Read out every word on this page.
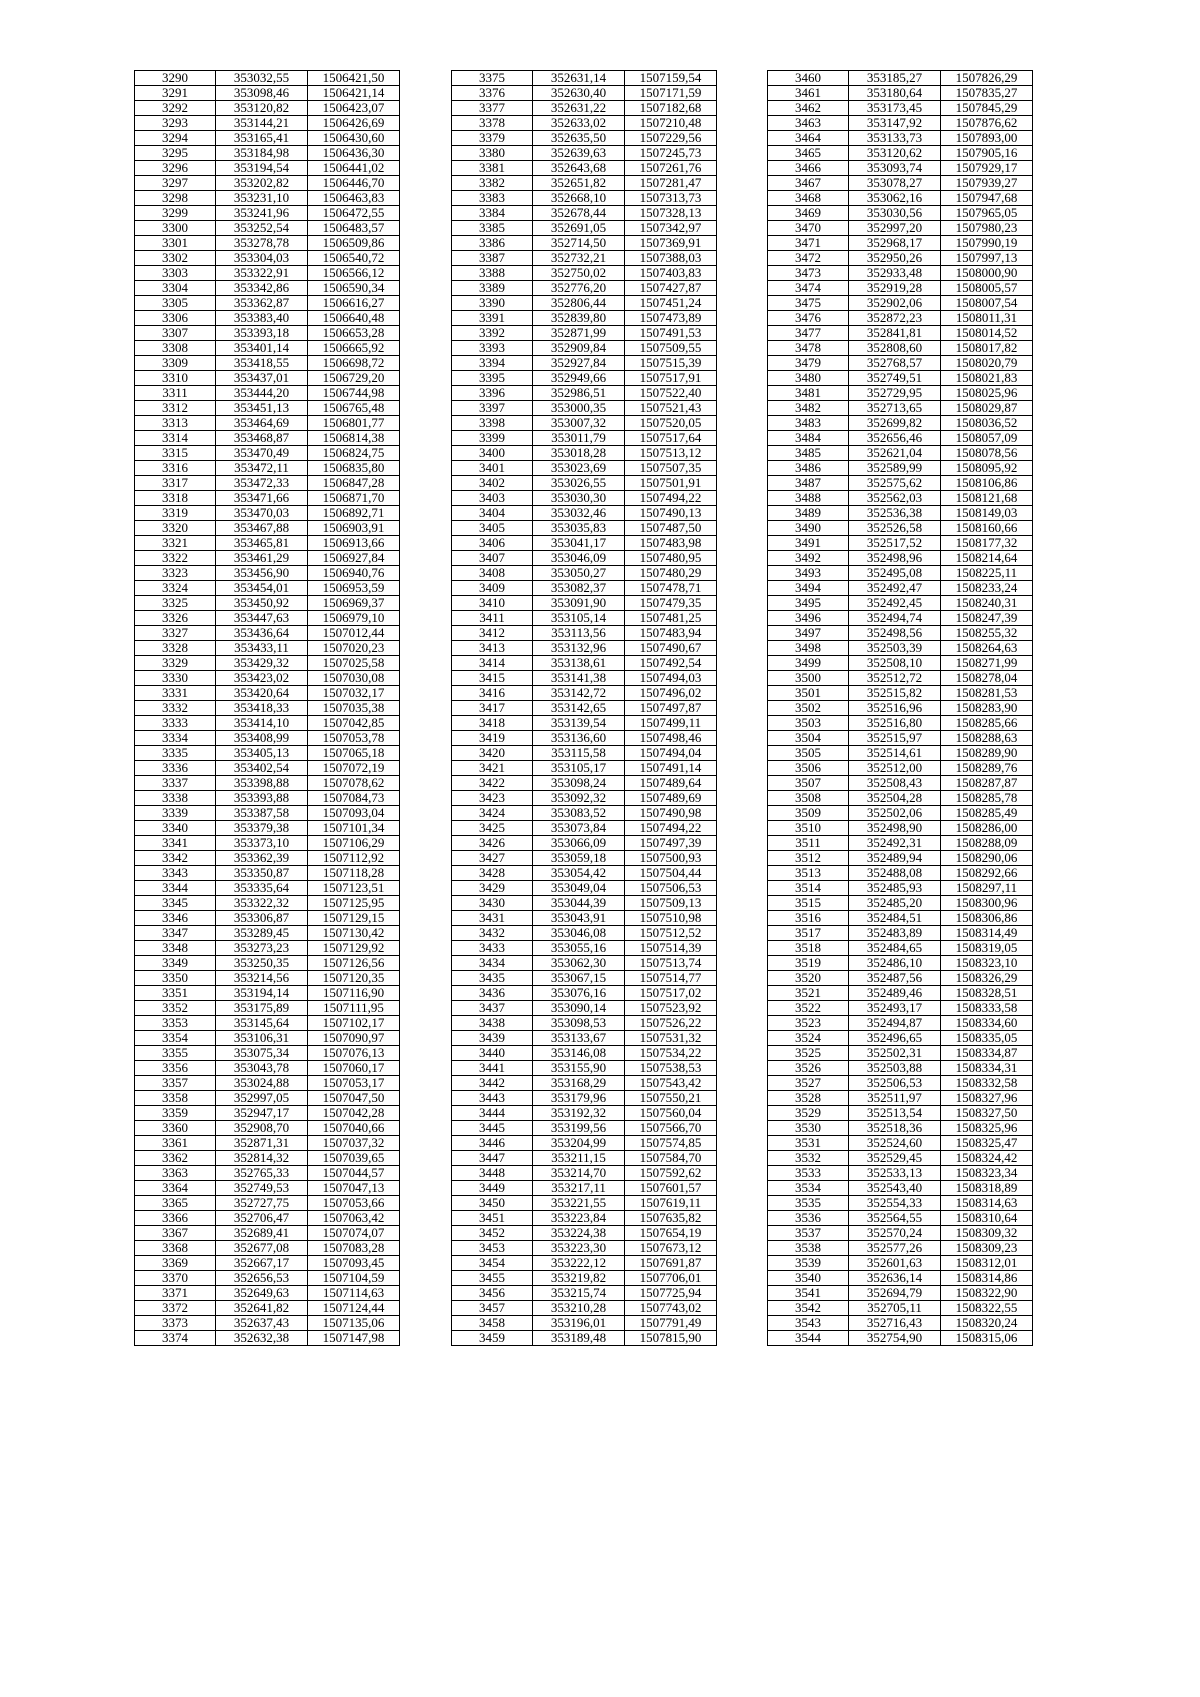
3290	353032,55	1506421,50
3291	353098,46	1506421,14
3292	353120,82	1506423,07
3293	353144,21	1506426,69
3294	353165,41	1506430,60
3295	353184,98	1506436,30
3296	353194,54	1506441,02
3297	353202,82	1506446,70
3298	353231,10	1506463,83
3299	353241,96	1506472,55
3300	353252,54	1506483,57
3301	353278,78	1506509,86
3302	353304,03	1506540,72
3303	353322,91	1506566,12
3304	353342,86	1506590,34
3305	353362,87	1506616,27
3306	353383,40	1506640,48
3307	353393,18	1506653,28
3308	353401,14	1506665,92
3309	353418,55	1506698,72
3310	353437,01	1506729,20
3311	353444,20	1506744,98
3312	353451,13	1506765,48
3313	353464,69	1506801,77
3314	353468,87	1506814,38
3315	353470,49	1506824,75
3316	353472,11	1506835,80
3317	353472,33	1506847,28
3318	353471,66	1506871,70
3319	353470,03	1506892,71
3320	353467,88	1506903,91
3321	353465,81	1506913,66
3322	353461,29	1506927,84
3323	353456,90	1506940,76
3324	353454,01	1506953,59
3325	353450,92	1506969,37
3326	353447,63	1506979,10
3327	353436,64	1507012,44
3328	353433,11	1507020,23
3329	353429,32	1507025,58
3330	353423,02	1507030,08
3331	353420,64	1507032,17
3332	353418,33	1507035,38
3333	353414,10	1507042,85
3334	353408,99	1507053,78
3335	353405,13	1507065,18
3336	353402,54	1507072,19
3337	353398,88	1507078,62
3338	353393,88	1507084,73
3339	353387,58	1507093,04
3340	353379,38	1507101,34
3341	353373,10	1507106,29
3342	353362,39	1507112,92
3343	353350,87	1507118,28
3344	353335,64	1507123,51
3345	353322,32	1507125,95
3346	353306,87	1507129,15
3347	353289,45	1507130,42
3348	353273,23	1507129,92
3349	353250,35	1507126,56
3350	353214,56	1507120,35
3351	353194,14	1507116,90
3352	353175,89	1507111,95
3353	353145,64	1507102,17
3354	353106,31	1507090,97
3355	353075,34	1507076,13
3356	353043,78	1507060,17
3357	353024,88	1507053,17
3358	352997,05	1507047,50
3359	352947,17	1507042,28
3360	352908,70	1507040,66
3361	352871,31	1507037,32
3362	352814,32	1507039,65
3363	352765,33	1507044,57
3364	352749,53	1507047,13
3365	352727,75	1507053,66
3366	352706,47	1507063,42
3367	352689,41	1507074,07
3368	352677,08	1507083,28
3369	352667,17	1507093,45
3370	352656,53	1507104,59
3371	352649,63	1507114,63
3372	352641,82	1507124,44
3373	352637,43	1507135,06
3374	352632,38	1507147,98
3375	352631,14	1507159,54
3376	352630,40	1507171,59
3377	352631,22	1507182,68
3378	352633,02	1507210,48
3379	352635,50	1507229,56
3380	352639,63	1507245,73
3381	352643,68	1507261,76
3382	352651,82	1507281,47
3383	352668,10	1507313,73
3384	352678,44	1507328,13
3385	352691,05	1507342,97
3386	352714,50	1507369,91
3387	352732,21	1507388,03
3388	352750,02	1507403,83
3389	352776,20	1507427,87
3390	352806,44	1507451,24
3391	352839,80	1507473,89
3392	352871,99	1507491,53
3393	352909,84	1507509,55
3394	352927,84	1507515,39
3395	352949,66	1507517,91
3396	352986,51	1507522,40
3397	353000,35	1507521,43
3398	353007,32	1507520,05
3399	353011,79	1507517,64
3400	353018,28	1507513,12
3401	353023,69	1507507,35
3402	353026,55	1507501,91
3403	353030,30	1507494,22
3404	353032,46	1507490,13
3405	353035,83	1507487,50
3406	353041,17	1507483,98
3407	353046,09	1507480,95
3408	353050,27	1507480,29
3409	353082,37	1507478,71
3410	353091,90	1507479,35
3411	353105,14	1507481,25
3412	353113,56	1507483,94
3413	353132,96	1507490,67
3414	353138,61	1507492,54
3415	353141,38	1507494,03
3416	353142,72	1507496,02
3417	353142,65	1507497,87
3418	353139,54	1507499,11
3419	353136,60	1507498,46
3420	353115,58	1507494,04
3421	353105,17	1507491,14
3422	353098,24	1507489,64
3423	353092,32	1507489,69
3424	353083,52	1507490,98
3425	353073,84	1507494,22
3426	353066,09	1507497,39
3427	353059,18	1507500,93
3428	353054,42	1507504,44
3429	353049,04	1507506,53
3430	353044,39	1507509,13
3431	353043,91	1507510,98
3432	353046,08	1507512,52
3433	353055,16	1507514,39
3434	353062,30	1507513,74
3435	353067,15	1507514,77
3436	353076,16	1507517,02
3437	353090,14	1507523,92
3438	353098,53	1507526,22
3439	353133,67	1507531,32
3440	353146,08	1507534,22
3441	353155,90	1507538,53
3442	353168,29	1507543,42
3443	353179,96	1507550,21
3444	353192,32	1507560,04
3445	353199,56	1507566,70
3446	353204,99	1507574,85
3447	353211,15	1507584,70
3448	353214,70	1507592,62
3449	353217,11	1507601,57
3450	353221,55	1507619,11
3451	353223,84	1507635,82
3452	353224,38	1507654,19
3453	353223,30	1507673,12
3454	353222,12	1507691,87
3455	353219,82	1507706,01
3456	353215,74	1507725,94
3457	353210,28	1507743,02
3458	353196,01	1507791,49
3459	353189,48	1507815,90
3460	353185,27	1507826,29
3461	353180,64	1507835,27
3462	353173,45	1507845,29
3463	353147,92	1507876,62
3464	353133,73	1507893,00
3465	353120,62	1507905,16
3466	353093,74	1507929,17
3467	353078,27	1507939,27
3468	353062,16	1507947,68
3469	353030,56	1507965,05
3470	352997,20	1507980,23
3471	352968,17	1507990,19
3472	352950,26	1507997,13
3473	352933,48	1508000,90
3474	352919,28	1508005,57
3475	352902,06	1508007,54
3476	352872,23	1508011,31
3477	352841,81	1508014,52
3478	352808,60	1508017,82
3479	352768,57	1508020,79
3480	352749,51	1508021,83
3481	352729,95	1508025,96
3482	352713,65	1508029,87
3483	352699,82	1508036,52
3484	352656,46	1508057,09
3485	352621,04	1508078,56
3486	352589,99	1508095,92
3487	352575,62	1508106,86
3488	352562,03	1508121,68
3489	352536,38	1508149,03
3490	352526,58	1508160,66
3491	352517,52	1508177,32
3492	352498,96	1508214,64
3493	352495,08	1508225,11
3494	352492,47	1508233,24
3495	352492,45	1508240,31
3496	352494,74	1508247,39
3497	352498,56	1508255,32
3498	352503,39	1508264,63
3499	352508,10	1508271,99
3500	352512,72	1508278,04
3501	352515,82	1508281,53
3502	352516,96	1508283,90
3503	352516,80	1508285,66
3504	352515,97	1508288,63
3505	352514,61	1508289,90
3506	352512,00	1508289,76
3507	352508,43	1508287,87
3508	352504,28	1508285,78
3509	352502,06	1508285,49
3510	352498,90	1508286,00
3511	352492,31	1508288,09
3512	352489,94	1508290,06
3513	352488,08	1508292,66
3514	352485,93	1508297,11
3515	352485,20	1508300,96
3516	352484,51	1508306,86
3517	352483,89	1508314,49
3518	352484,65	1508319,05
3519	352486,10	1508323,10
3520	352487,56	1508326,29
3521	352489,46	1508328,51
3522	352493,17	1508333,58
3523	352494,87	1508334,60
3524	352496,65	1508335,05
3525	352502,31	1508334,87
3526	352503,88	1508334,31
3527	352506,53	1508332,58
3528	352511,97	1508327,96
3529	352513,54	1508327,50
3530	352518,36	1508325,96
3531	352524,60	1508325,47
3532	352529,45	1508324,42
3533	352533,13	1508323,34
3534	352543,40	1508318,89
3535	352554,33	1508314,63
3536	352564,55	1508310,64
3537	352570,24	1508309,32
3538	352577,26	1508309,23
3539	352601,63	1508312,01
3540	352636,14	1508314,86
3541	352694,79	1508322,90
3542	352705,11	1508322,55
3543	352716,43	1508320,24
3544	352754,90	1508315,06
